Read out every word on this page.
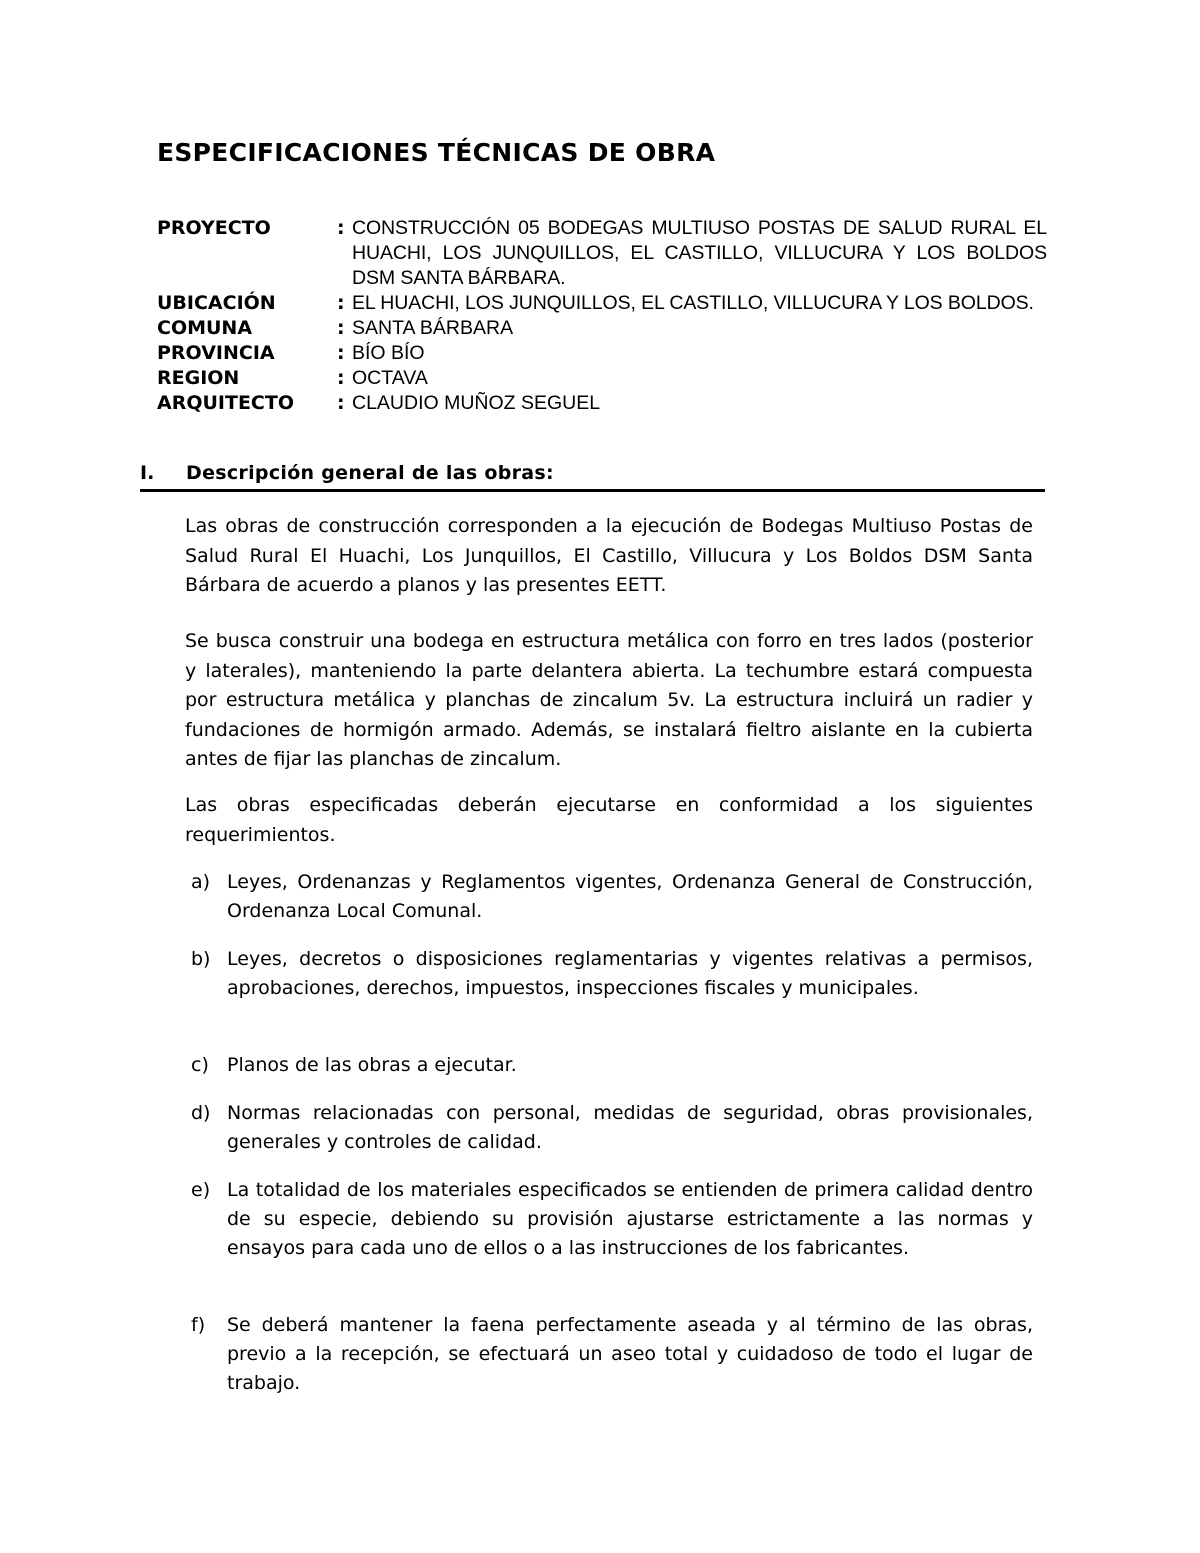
ESPECIFICACIONES TÉCNICAS DE OBRA
PROYECTO	: CONSTRUCCIÓN 05 BODEGAS MULTIUSO POSTAS DE SALUD RURAL EL HUACHI, LOS JUNQUILLOS, EL CASTILLO, VILLUCURA Y LOS BOLDOS DSM SANTA BÁRBARA.
UBICACIÓN	: EL HUACHI, LOS JUNQUILLOS, EL CASTILLO, VILLUCURA Y LOS BOLDOS.
COMUNA	: SANTA BÁRBARA
PROVINCIA	: BÍO BÍO
REGION	: OCTAVA
ARQUITECTO	: CLAUDIO MUÑOZ SEGUEL
I. Descripción general de las obras:
Las obras de construcción corresponden a la ejecución de Bodegas Multiuso Postas de Salud Rural El Huachi, Los Junquillos, El Castillo, Villucura y Los Boldos DSM Santa Bárbara de acuerdo a planos y las presentes EETT.
Se busca construir una bodega en estructura metálica con forro en tres lados (posterior y laterales), manteniendo la parte delantera abierta. La techumbre estará compuesta por estructura metálica y planchas de zincalum 5v. La estructura incluirá un radier y fundaciones de hormigón armado. Además, se instalará fieltro aislante en la cubierta antes de fijar las planchas de zincalum.
Las obras especificadas deberán ejecutarse en conformidad a los siguientes requerimientos.
a) Leyes, Ordenanzas y Reglamentos vigentes, Ordenanza General de Construcción, Ordenanza Local Comunal.
b) Leyes, decretos o disposiciones reglamentarias y vigentes relativas a permisos, aprobaciones, derechos, impuestos, inspecciones fiscales y municipales.
c) Planos de las obras a ejecutar.
d) Normas relacionadas con personal, medidas de seguridad, obras provisionales, generales y controles de calidad.
e) La totalidad de los materiales especificados se entienden de primera calidad dentro de su especie, debiendo su provisión ajustarse estrictamente a las normas y ensayos para cada uno de ellos o a las instrucciones de los fabricantes.
f)	Se deberá mantener la faena perfectamente aseada y al término de las obras, previo a la recepción, se efectuará un aseo total y cuidadoso de todo el lugar de trabajo.
